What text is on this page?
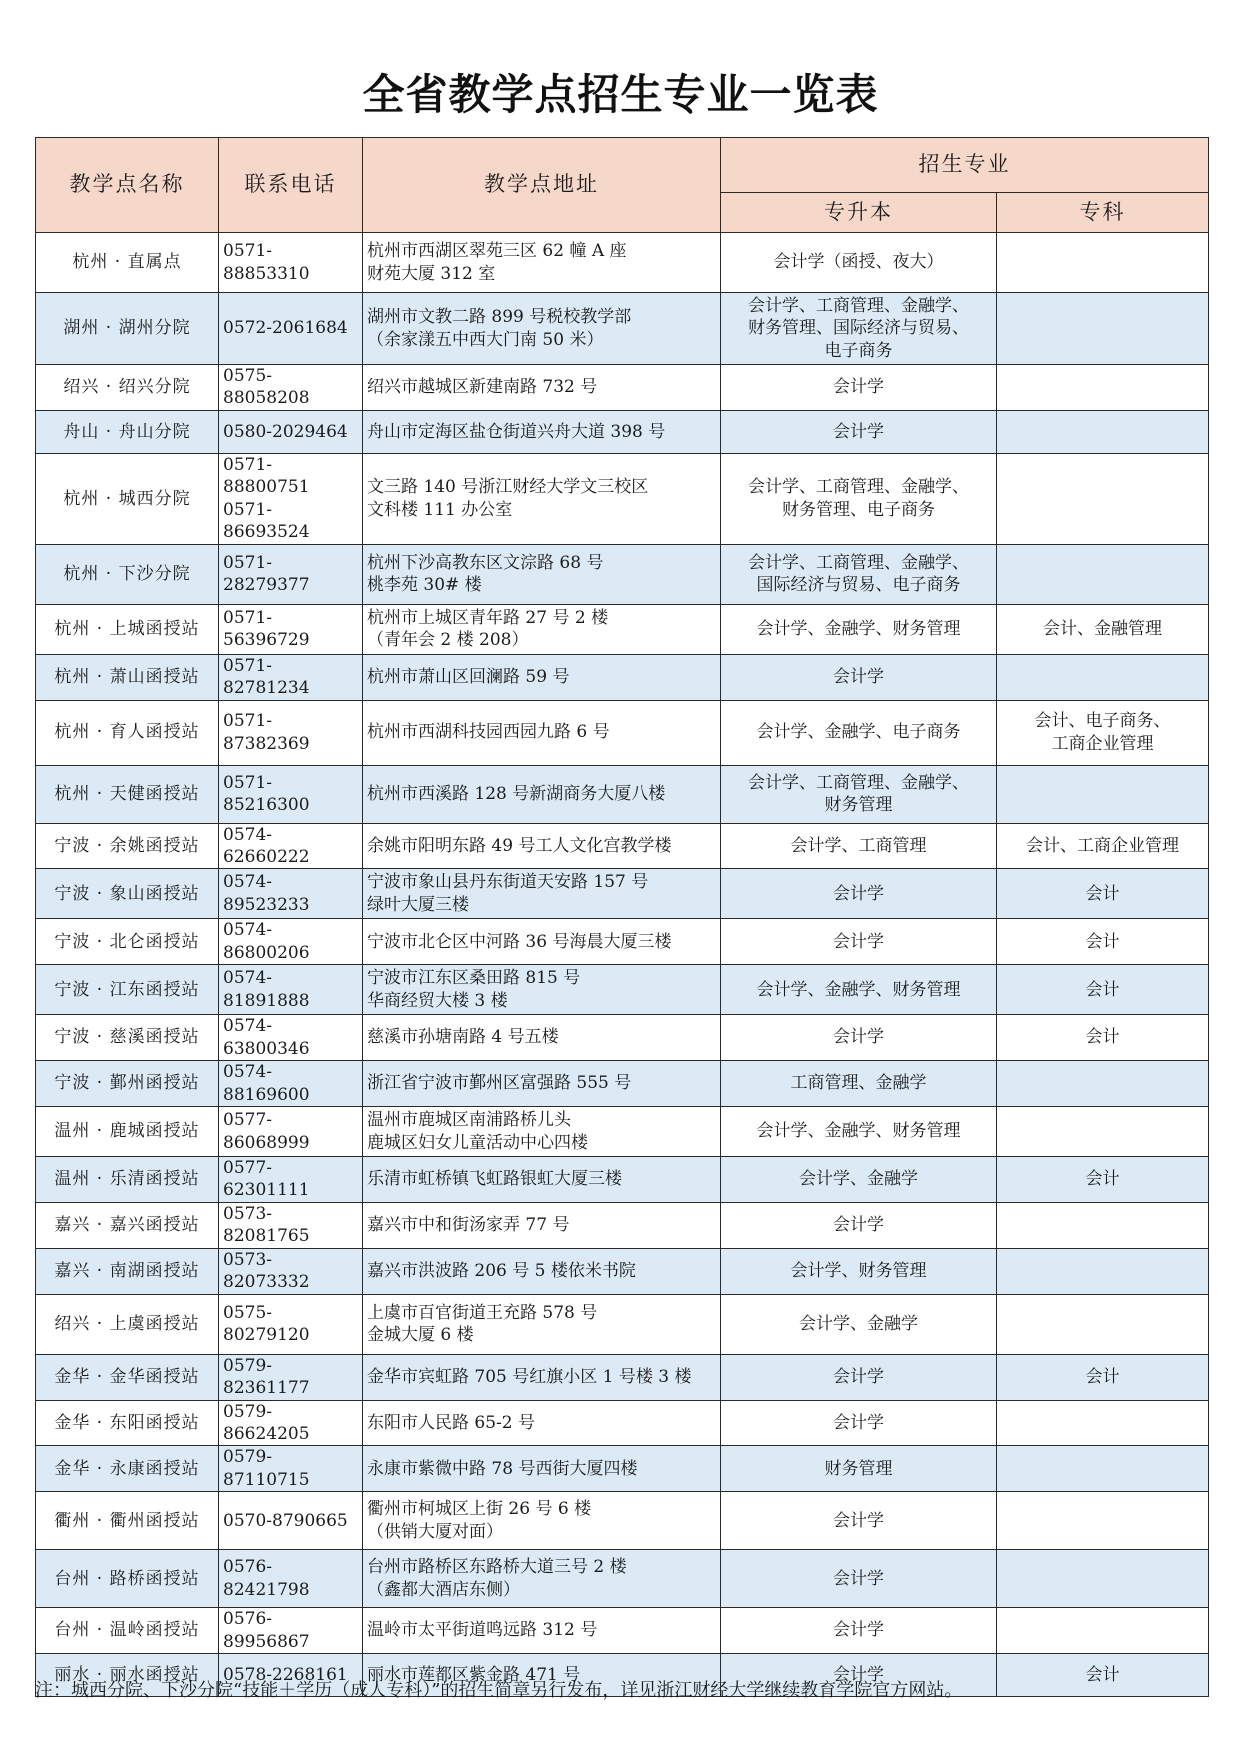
全省教学点招生专业一览表
教学点名称	联系电话	教学点地址	招生专业	
			专升本	专科
杭州 · 直属点	0571-88853310	杭州市西湖区翠苑三区 62 幢 A 座
财苑大厦 312 室	会计学（函授、夜大）	

湖州 · 湖州分院	0572-2061684	湖州市文教二路 899 号税校教学部
（余家漾五中西大门南 50 米）	会计学、工商管理、金融学、
财务管理、国际经济与贸易、
电子商务	

绍兴 · 绍兴分院	0575-88058208	绍兴市越城区新建南路 732 号	会计学	

舟山 · 舟山分院	0580-2029464	舟山市定海区盐仓街道兴舟大道 398 号	会计学	

杭州 · 城西分院	0571-88800751
0571-86693524	文三路 140 号浙江财经大学文三校区
文科楼 111 办公室	会计学、工商管理、金融学、
财务管理、电子商务	

杭州 · 下沙分院	0571-28279377	杭州下沙高教东区文淙路 68 号
桃李苑 30# 楼	会计学、工商管理、金融学、
国际经济与贸易、电子商务	

杭州 · 上城函授站	0571-56396729	杭州市上城区青年路 27 号 2 楼
（青年会 2 楼 208）	会计学、金融学、财务管理	会计、金融管理

杭州 · 萧山函授站	0571-82781234	杭州市萧山区回澜路 59 号	会计学	

杭州 · 育人函授站	0571-87382369	杭州市西湖科技园西园九路 6 号	会计学、金融学、电子商务	会计、电子商务、
工商企业管理

杭州 · 天健函授站	0571-85216300	杭州市西溪路 128 号新湖商务大厦八楼	会计学、工商管理、金融学、
财务管理	

宁波 · 余姚函授站	0574-62660222	余姚市阳明东路 49 号工人文化宫教学楼	会计学、工商管理	会计、工商企业管理

宁波 · 象山函授站	0574-89523233	宁波市象山县丹东街道天安路 157 号
绿叶大厦三楼	会计学	会计

宁波 · 北仑函授站	0574-86800206	宁波市北仑区中河路 36 号海晨大厦三楼	会计学	会计

宁波 · 江东函授站	0574-81891888	宁波市江东区桑田路 815 号
华商经贸大楼 3 楼	会计学、金融学、财务管理	会计

宁波 · 慈溪函授站	0574-63800346	慈溪市孙塘南路 4 号五楼	会计学	会计

宁波 · 鄞州函授站	0574-88169600	浙江省宁波市鄞州区富强路 555 号	工商管理、金融学	

温州 · 鹿城函授站	0577-86068999	温州市鹿城区南浦路桥儿头
鹿城区妇女儿童活动中心四楼	会计学、金融学、财务管理	

温州 · 乐清函授站	0577-62301111	乐清市虹桥镇飞虹路银虹大厦三楼	会计学、金融学	会计

嘉兴 · 嘉兴函授站	0573-82081765	嘉兴市中和街汤家弄 77 号	会计学	

嘉兴 · 南湖函授站	0573-82073332	嘉兴市洪波路 206 号 5 楼依米书院	会计学、财务管理	

绍兴 · 上虞函授站	0575-80279120	上虞市百官街道王充路 578 号
金城大厦 6 楼	会计学、金融学	

金华 · 金华函授站	0579-82361177	金华市宾虹路 705 号红旗小区 1 号楼 3 楼	会计学	会计

金华 · 东阳函授站	0579-86624205	东阳市人民路 65-2 号	会计学	

金华 · 永康函授站	0579-87110715	永康市紫微中路 78 号西街大厦四楼	财务管理	

衢州 · 衢州函授站	0570-8790665	衢州市柯城区上街 26 号 6 楼
（供销大厦对面）	会计学	

台州 · 路桥函授站	0576-82421798	台州市路桥区东路桥大道三号 2 楼
（鑫都大酒店东侧）	会计学	

台州 · 温岭函授站	0576-89956867	温岭市太平街道鸣远路 312 号	会计学	

丽水 · 丽水函授站	0578-2268161	丽水市莲都区紫金路 471 号	会计学	会计
注：城西分院、下沙分院“技能＋学历（成人专科）”的招生简章另行发布，详见浙江财经大学继续教育学院官方网站。
